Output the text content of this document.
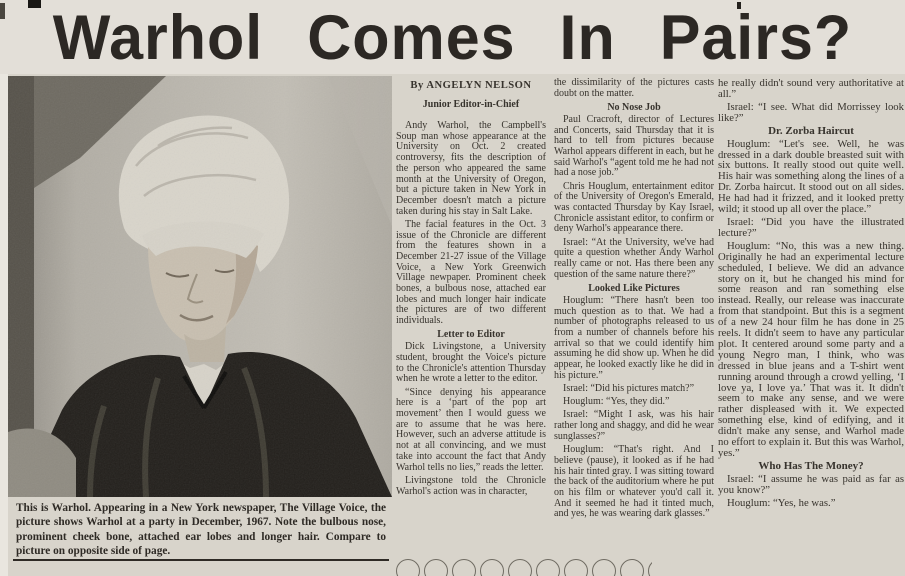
Warhol Comes In Pairs?
This is Warhol. Appearing in a New York newspaper, The Village Voice, the picture shows Warhol at a party in December, 1967. Note the bulbous nose, prominent cheek bone, attached ear lobes and longer hair. Compare to picture on opposite side of page.
By ANGELYN NELSON
Junior Editor-in-Chief

Andy Warhol, the Campbell's Soup man whose appearance at the University on Oct. 2 created controversy, fits the description of the person who appeared the same month at the University of Oregon, but a picture taken in New York in December doesn't match a picture taken during his stay in Salt Lake.

The facial features in the Oct. 3 issue of the Chronicle are different from the features shown in a December 21-27 issue of the Village Voice, a New York Greenwich Village newpaper. Prominent cheek bones, a bulbous nose, attached ear lobes and much longer hair indicate the pictures are of two different individuals.

Letter to Editor

Dick Livingstone, a University student, brought the Voice's picture to the Chronicle's attention Thursday when he wrote a letter to the editor.

“Since denying his appearance here is a ‘part of the pop art movement’ then I would guess we are to assume that he was here. However, such an adverse attitude is not at all convincing, and we must take into account the fact that Andy Warhol tells no lies,” reads the letter.

Livingstone told the Chronicle Warhol's action was in character,

the dissimilarity of the pictures casts doubt on the matter.

No Nose Job

Paul Cracroft, director of Lectures and Concerts, said Thursday that it is hard to tell from pictures because Warhol appears different in each, but he said Warhol's “agent told me he had not had a nose job.”

Chris Houglum, entertainment editor of the University of Oregon's Emerald, was contacted Thursday by Kay Israel, Chronicle assistant editor, to confirm or deny Warhol's appearance there.

Israel: “At the University, we've had quite a question whether Andy Warhol really came or not. Has there been any question of the same nature there?”

Looked Like Pictures

Houglum: “There hasn't been too much question as to that. We had a number of photographs released to us from a number of channels before his arrival so that we could identify him assuming he did show up. When he did appear, he looked exactly like he did in his picture.”

Israel: “Did his pictures match?”

Houglum: “Yes, they did.”

Israel: “Might I ask, was his hair rather long and shaggy, and did he wear sunglasses?”

Houglum: “That's right. And I believe (pause), it looked as if he had his hair tinted gray. I was sitting toward the back of the auditorium where he put on his film or whatever you'd call it. And it seemed he had it tinted much, and yes, he was wearing dark glasses.”

he really didn't sound very authoritative at all.”

Israel: “I see. What did Morrissey look like?”

Dr. Zorba Haircut

Houglum: “Let's see. Well, he was dressed in a dark double breasted suit with six buttons. It really stood out quite well. His hair was something along the lines of a Dr. Zorba haircut. It stood out on all sides. He had had it frizzed, and it looked pretty wild; it stood up all over the place.”

Israel: “Did you have the illustrated lecture?”

Houglum: “No, this was a new thing. Originally he had an experimental lecture scheduled, I believe. We did an advance story on it, but he changed his mind for some reason and ran something else instead. Really, our release was inaccurate from that standpoint. But this is a segment of a new 24 hour film he has done in 25 reels. It didn't seem to have any particular plot. It centered around some party and a young Negro man, I think, who was dressed in blue jeans and a T-shirt went running around through a crowd yelling, ‘I love ya, I love ya.’ That was it. It didn't seem to make any sense, and we were rather displeased with it. We expected something else, kind of edifying, and it didn't make any sense, and Warhol made no effort to explain it. But this was Warhol, yes.”

Who Has The Money?

Israel: “I assume he was paid as far as you know?”

Houglum: “Yes, he was.”
